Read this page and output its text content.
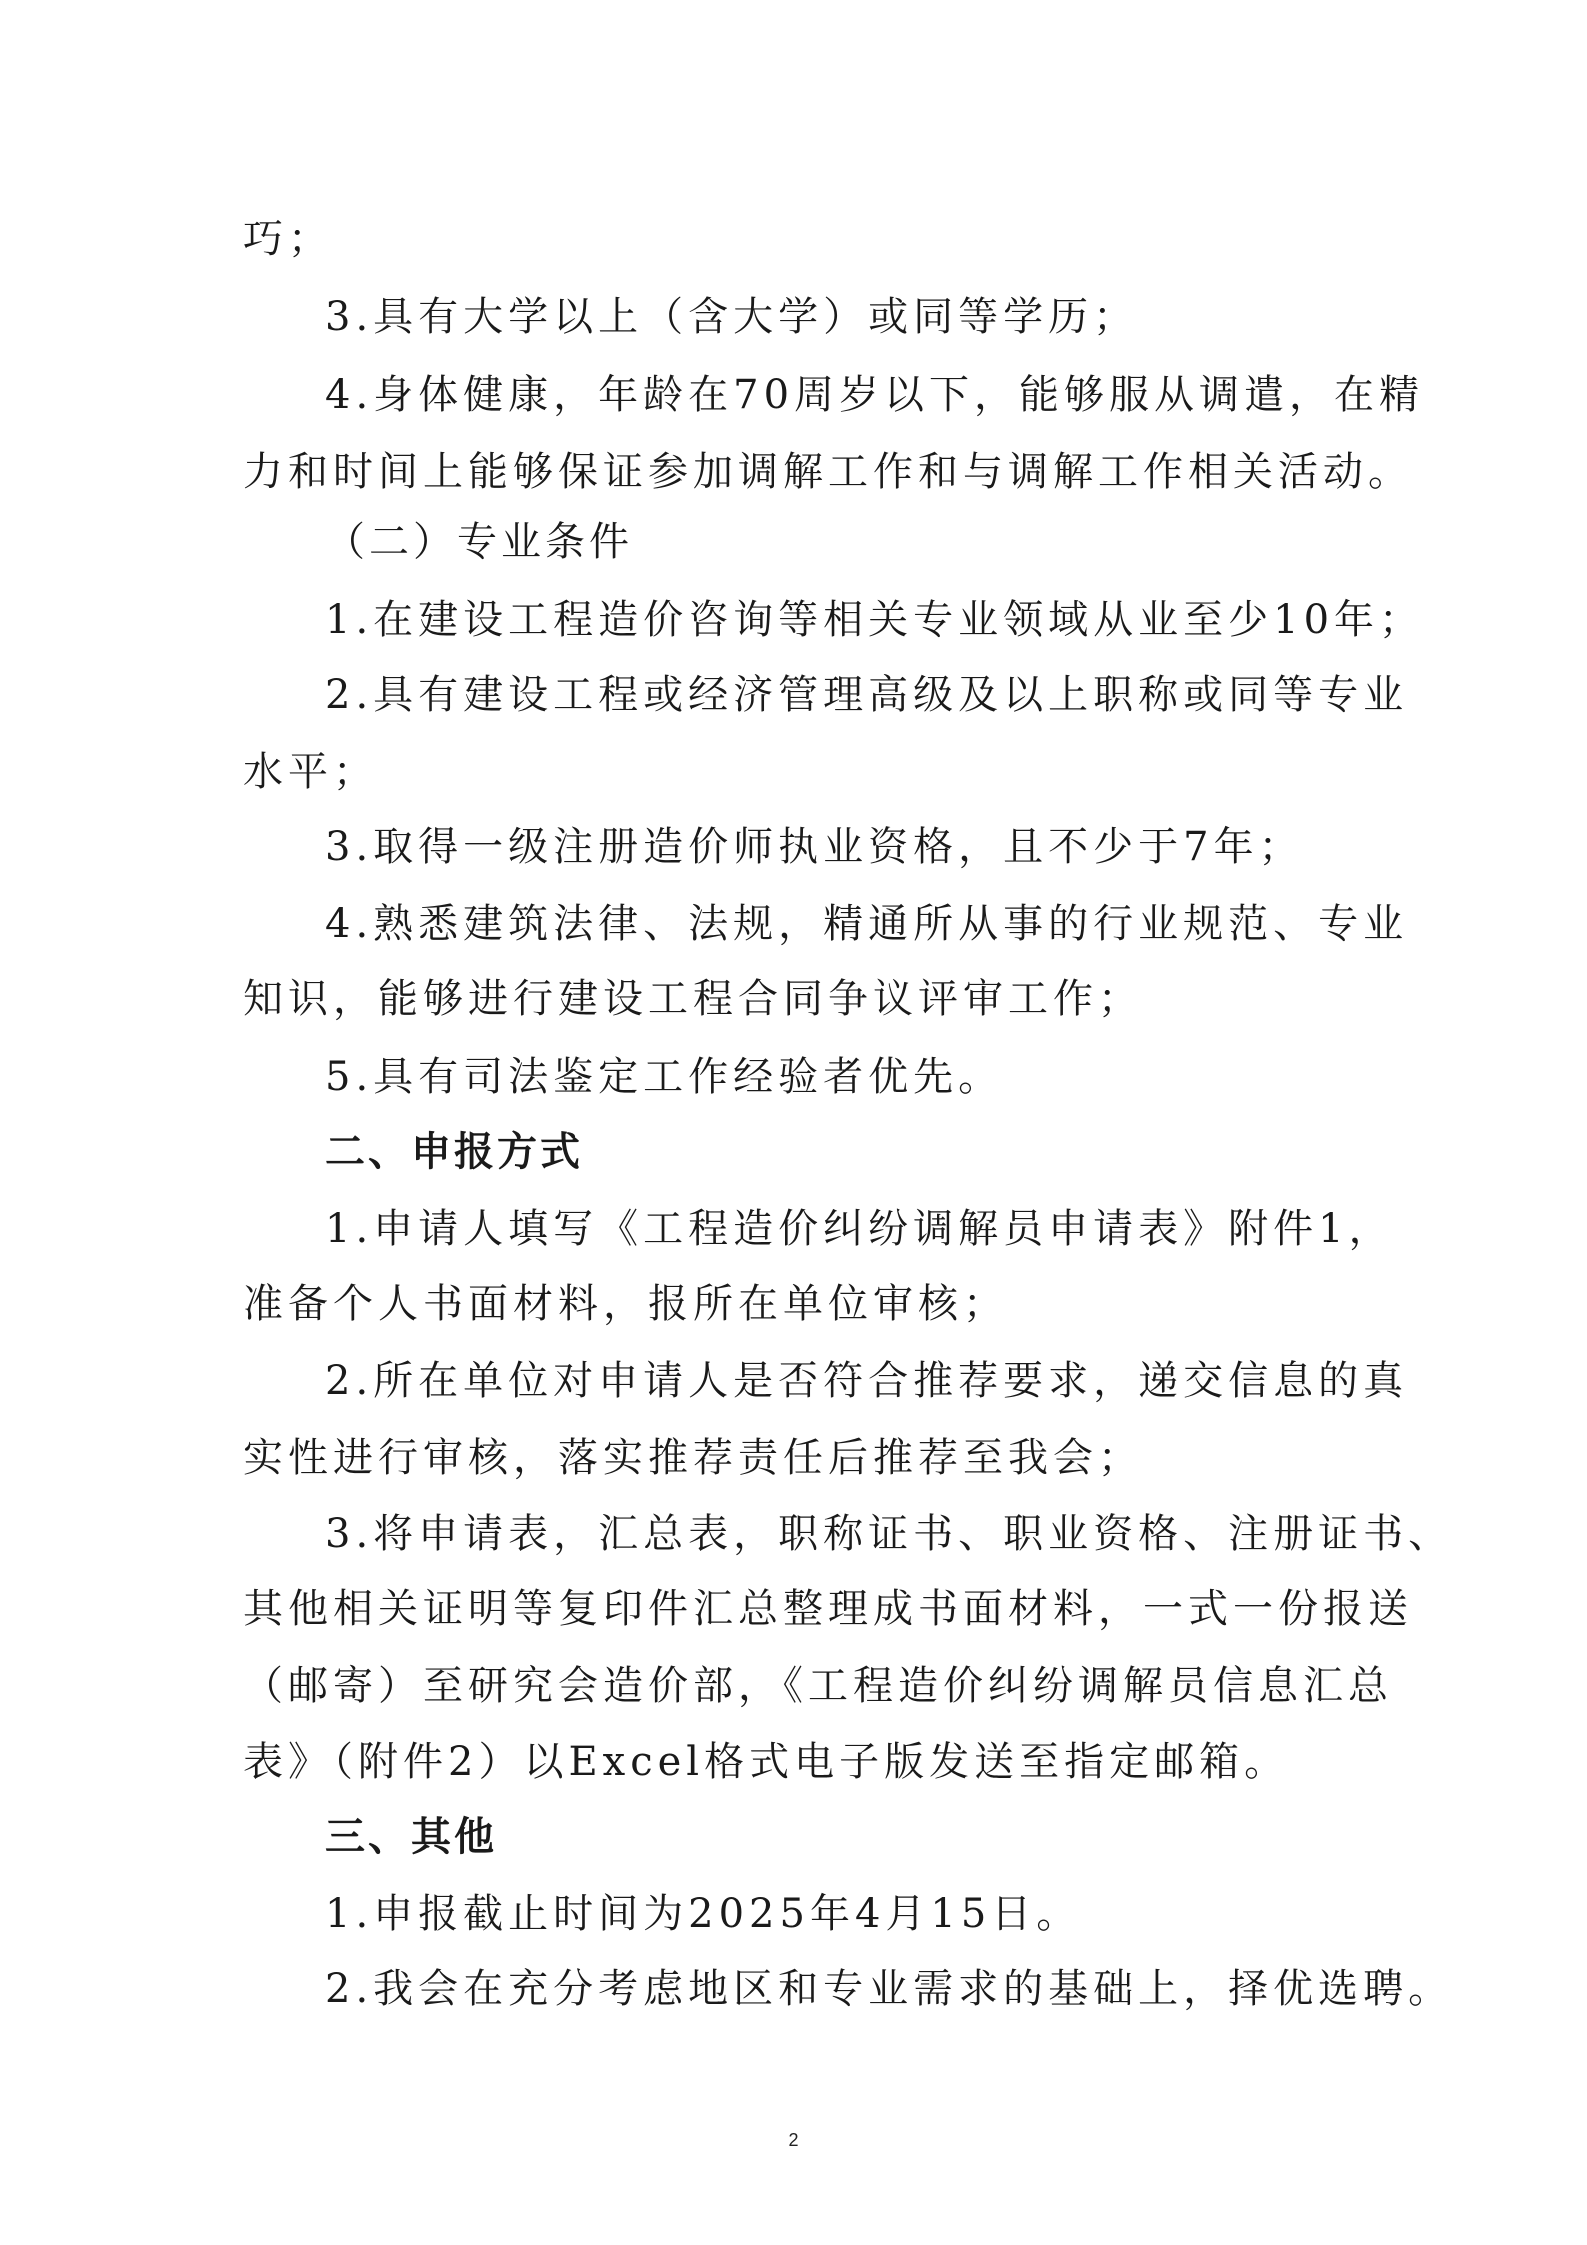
巧；
3.具有大学以上（含大学）或同等学历；
4.身体健康，年龄在70周岁以下，能够服从调遣，在精
力和时间上能够保证参加调解工作和与调解工作相关活动。
（二）专业条件
1.在建设工程造价咨询等相关专业领域从业至少10年；
2.具有建设工程或经济管理高级及以上职称或同等专业
水平；
3.取得一级注册造价师执业资格，且不少于7年；
4.熟悉建筑法律、法规，精通所从事的行业规范、专业
知识，能够进行建设工程合同争议评审工作；
5.具有司法鉴定工作经验者优先。
二、申报方式
1.申请人填写《工程造价纠纷调解员申请表》附件1，
准备个人书面材料，报所在单位审核；
2.所在单位对申请人是否符合推荐要求，递交信息的真
实性进行审核，落实推荐责任后推荐至我会；
3.将申请表，汇总表，职称证书、职业资格、注册证书、
其他相关证明等复印件汇总整理成书面材料，一式一份报送
（邮寄）至研究会造价部，《工程造价纠纷调解员信息汇总
表》（附件2）以Excel格式电子版发送至指定邮箱。
三、其他
1.申报截止时间为2025年4月15日。
2.我会在充分考虑地区和专业需求的基础上，择优选聘。
2
